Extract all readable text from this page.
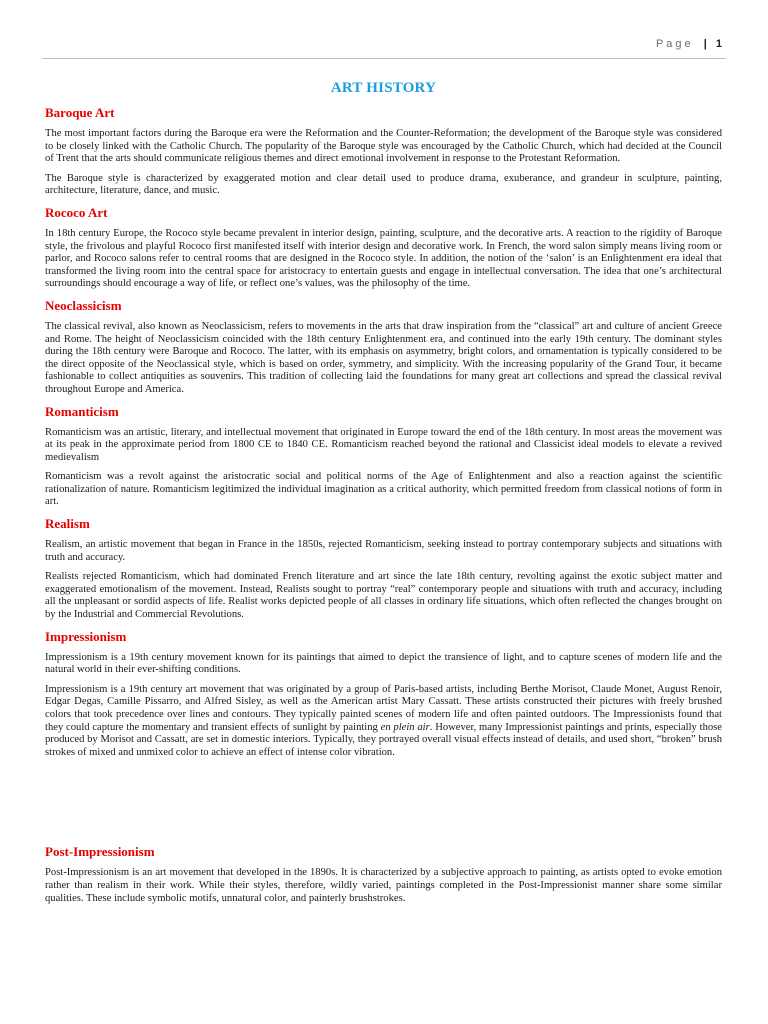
Page | 1
ART HISTORY
Baroque Art

The most important factors during the Baroque era were the Reformation and the Counter-Reformation; the development of the Baroque style was considered to be closely linked with the Catholic Church. The popularity of the Baroque style was encouraged by the Catholic Church, which had decided at the Council of Trent that the arts should communicate religious themes and direct emotional involvement in response to the Protestant Reformation.

The Baroque style is characterized by exaggerated motion and clear detail used to produce drama, exuberance, and grandeur in sculpture, painting, architecture, literature, dance, and music.

Rococo Art

In 18th century Europe, the Rococo style became prevalent in interior design, painting, sculpture, and the decorative arts. A reaction to the rigidity of Baroque style, the frivolous and playful Rococo first manifested itself with interior design and decorative work. In French, the word salon simply means living room or parlor, and Rococo salons refer to central rooms that are designed in the Rococo style. In addition, the notion of the ‘salon’ is an Enlightenment era ideal that transformed the living room into the central space for aristocracy to entertain guests and engage in intellectual conversation. The idea that one’s architectural surroundings should encourage a way of life, or reflect one’s values, was the philosophy of the time.

Neoclassicism

The classical revival, also known as Neoclassicism, refers to movements in the arts that draw inspiration from the “classical” art and culture of ancient Greece and Rome. The height of Neoclassicism coincided with the 18th century Enlightenment era, and continued into the early 19th century. The dominant styles during the 18th century were Baroque and Rococo. The latter, with its emphasis on asymmetry, bright colors, and ornamentation is typically considered to be the direct opposite of the Neoclassical style, which is based on order, symmetry, and simplicity. With the increasing popularity of the Grand Tour, it became fashionable to collect antiquities as souvenirs. This tradition of collecting laid the foundations for many great art collections and spread the classical revival throughout Europe and America.

Romanticism

Romanticism was an artistic, literary, and intellectual movement that originated in Europe toward the end of the 18th century. In most areas the movement was at its peak in the approximate period from 1800 CE to 1840 CE. Romanticism reached beyond the rational and Classicist ideal models to elevate a revived medievalism

Romanticism was a revolt against the aristocratic social and political norms of the Age of Enlightenment and also a reaction against the scientific rationalization of nature. Romanticism legitimized the individual imagination as a critical authority, which permitted freedom from classical notions of form in art.

Realism

Realism, an artistic movement that began in France in the 1850s, rejected Romanticism, seeking instead to portray contemporary subjects and situations with truth and accuracy.

Realists rejected Romanticism, which had dominated French literature and art since the late 18th century, revolting against the exotic subject matter and exaggerated emotionalism of the movement. Instead, Realists sought to portray “real” contemporary people and situations with truth and accuracy, including all the unpleasant or sordid aspects of life. Realist works depicted people of all classes in ordinary life situations, which often reflected the changes brought on by the Industrial and Commercial Revolutions.

Impressionism

Impressionism is a 19th century movement known for its paintings that aimed to depict the transience of light, and to capture scenes of modern life and the natural world in their ever-shifting conditions.

Impressionism is a 19th century art movement that was originated by a group of Paris-based artists, including Berthe Morisot, Claude Monet, August Renoir, Edgar Degas, Camille Pissarro, and Alfred Sisley, as well as the American artist Mary Cassatt. These artists constructed their pictures with freely brushed colors that took precedence over lines and contours. They typically painted scenes of modern life and often painted outdoors. The Impressionists found that they could capture the momentary and transient effects of sunlight by painting en plein air. However, many Impressionist paintings and prints, especially those produced by Morisot and Cassatt, are set in domestic interiors. Typically, they portrayed overall visual effects instead of details, and used short, “broken” brush strokes of mixed and unmixed color to achieve an effect of intense color vibration.

Post-Impressionism

Post-Impressionism is an art movement that developed in the 1890s. It is characterized by a subjective approach to painting, as artists opted to evoke emotion rather than realism in their work. While their styles, therefore, wildly varied, paintings completed in the Post-Impressionist manner share some similar qualities. These include symbolic motifs, unnatural color, and painterly brushstrokes.
